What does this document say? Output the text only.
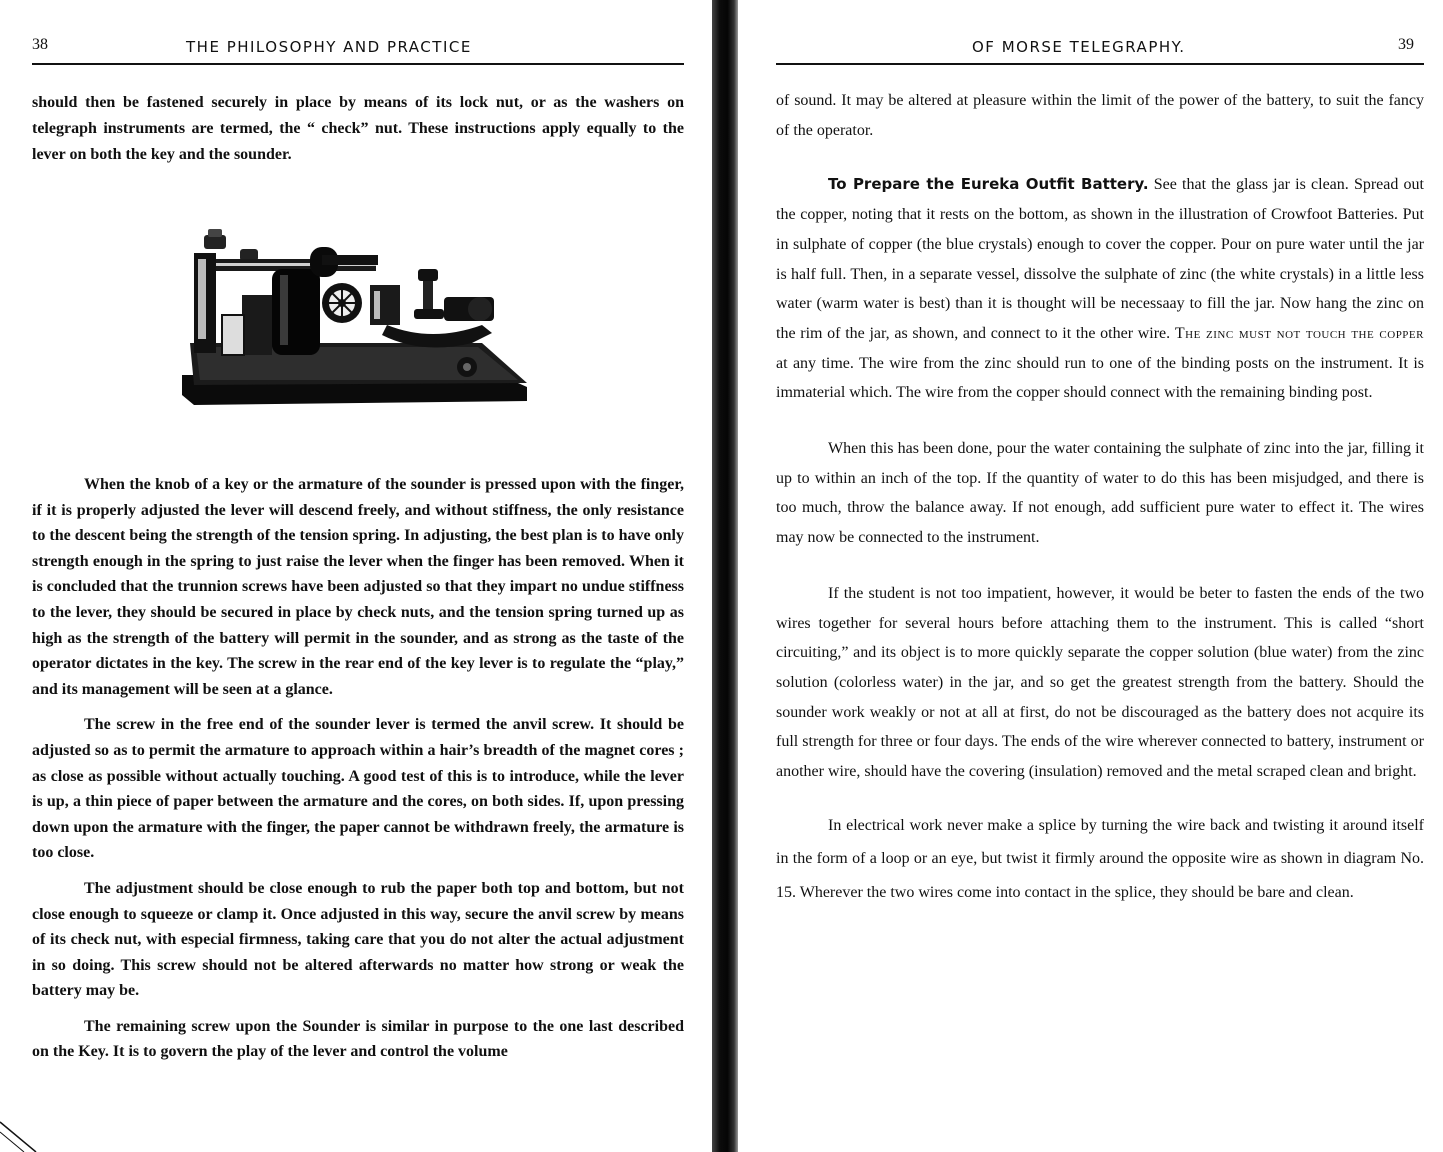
38	THE PHILOSOPHY AND PRACTICE

should then be fastened securely in place by means of its lock nut, or as the washers on telegraph instruments are termed, the “ check” nut. These instructions apply equally to the lever on both the key and the sounder.

When the knob of a key or the armature of the sounder is pressed upon with the finger, if it is properly adjusted the lever will descend freely, and without stiffness, the only resistance to the descent being the strength of the tension spring. In adjusting, the best plan is to have only strength enough in the spring to just raise the lever when the finger has been removed. When it is concluded that the trunnion screws have been adjusted so that they impart no undue stiffness to the lever, they should be secured in place by check nuts, and the tension spring turned up as high as the strength of the battery will permit in the sounder, and as strong as the taste of the operator dictates in the key. The screw in the rear end of the key lever is to regulate the “play,” and its management will be seen at a glance.

The screw in the free end of the sounder lever is termed the anvil screw. It should be adjusted so as to permit the armature to approach within a hair’s breadth of the magnet cores ; as close as possible without actually touching. A good test of this is to introduce, while the lever is up, a thin piece of paper between the armature and the cores, on both sides. If, upon pressing down upon the armature with the finger, the paper cannot be withdrawn freely, the armature is too close.

The adjustment should be close enough to rub the paper both top and bottom, but not close enough to squeeze or clamp it. Once adjusted in this way, secure the anvil screw by means of its check nut, with especial firmness, taking care that you do not alter the actual adjustment in so doing. This screw should not be altered afterwards no matter how strong or weak the battery may be.

The remaining screw upon the Sounder is similar in purpose to the one last described on the Key. It is to govern the play of the lever and control the volume

OF MORSE TELEGRAPHY.	39

of sound. It may be altered at pleasure within the limit of the power of the battery, to suit the fancy of the operator.

To Prepare the Eureka Outfit Battery. See that the glass jar is clean. Spread out the copper, noting that it rests on the bottom, as shown in the illustration of Crowfoot Batteries. Put in sulphate of copper (the blue crystals) enough to cover the copper. Pour on pure water until the jar is half full. Then, in a separate vessel, dissolve the sulphate of zinc (the white crystals) in a little less water (warm water is best) than it is thought will be necessaay to fill the jar. Now hang the zinc on the rim of the jar, as shown, and connect to it the other wire. The zinc must not touch the copper at any time. The wire from the zinc should run to one of the binding posts on the instrument. It is immaterial which. The wire from the copper should connect with the remaining binding post.

When this has been done, pour the water containing the sulphate of zinc into the jar, filling it up to within an inch of the top. If the quantity of water to do this has been misjudged, and there is too much, throw the balance away. If not enough, add sufficient pure water to effect it. The wires may now be connected to the instrument.

If the student is not too impatient, however, it would be beter to fasten the ends of the two wires together for several hours before attaching them to the instrument. This is called “short circuiting,” and its object is to more quickly separate the copper solution (blue water) from the zinc solution (colorless water) in the jar, and so get the greatest strength from the battery. Should the sounder work weakly or not at all at first, do not be discouraged as the battery does not acquire its full strength for three or four days. The ends of the wire wherever connected to battery, instrument or another wire, should have the covering (insulation) removed and the metal scraped clean and bright.

In electrical work never make a splice by turning the wire back and twisting it around itself in the form of a loop or an eye, but twist it firmly around the opposite wire as shown in diagram No. 15. Wherever the two wires come into contact in the splice, they should be bare and clean.
